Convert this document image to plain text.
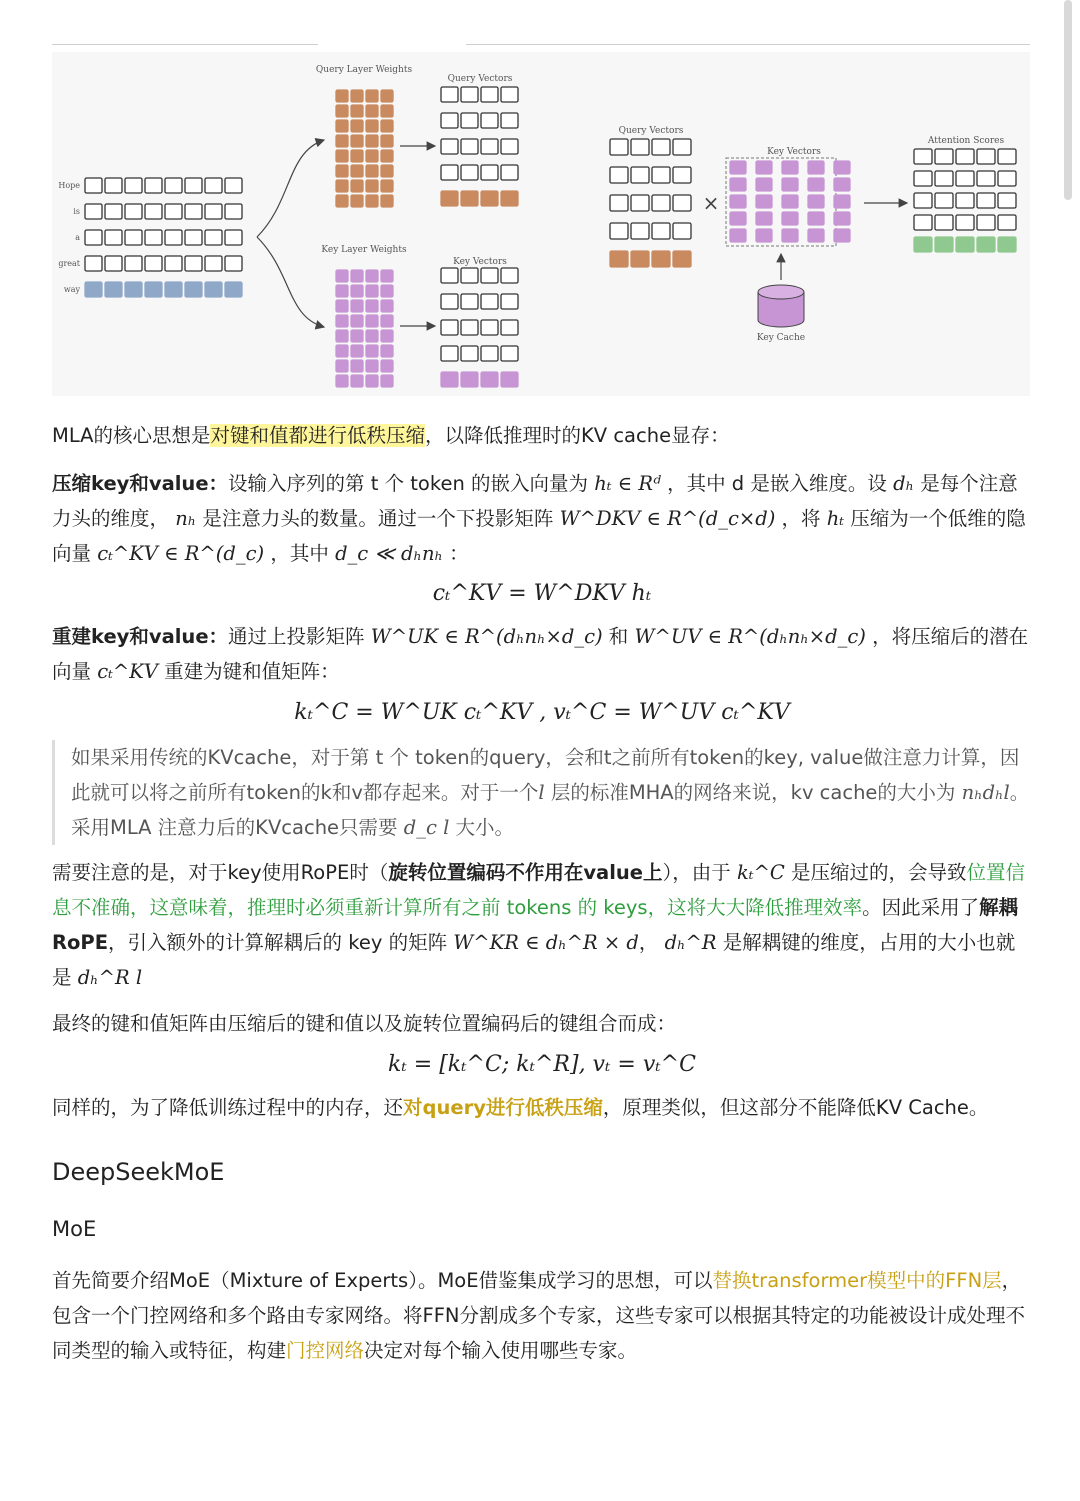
Query Layer Weights
Query Vectors
Key Layer Weights
Key Vectors
Hope
is
a
great
way
Query Vectors
Key Vectors
Attention Scores
Key Cache
×

MLA的核心思想是对键和值都进行低秩压缩，以降低推理时的KV cache显存：

压缩key和value：设输入序列的第 t 个 token 的嵌入向量为 hₜ ∈ Rᵈ ，其中 d 是嵌入维度。设 dₕ 是每个注意力头的维度， nₕ 是注意力头的数量。通过一个下投影矩阵 W^DKV ∈ R^(d_c×d) ，将 hₜ 压缩为一个低维的隐向量 cₜ^KV ∈ R^(d_c) ，其中 d_c ≪ dₕnₕ ：

cₜ^KV = W^DKV hₜ

重建key和value：通过上投影矩阵 W^UK ∈ R^(dₕnₕ×d_c) 和 W^UV ∈ R^(dₕnₕ×d_c) ，将压缩后的潜在向量 cₜ^KV 重建为键和值矩阵：

kₜ^C = W^UK cₜ^KV , vₜ^C = W^UV cₜ^KV
如果采用传统的KVcache，对于第 t 个 token的query，会和t之前所有token的key, value做注意力计算，因此就可以将之前所有token的k和v都存起来。对于一个l 层的标准MHA的网络来说，kv cache的大小为 nₕdₕl。采用MLA 注意力后的KVcache只需要 d_c l 大小。

需要注意的是，对于key使用RoPE时（旋转位置编码不作用在value上），由于 kₜ^C 是压缩过的，会导致位置信息不准确，这意味着，推理时必须重新计算所有之前 tokens 的 keys，这将大大降低推理效率。因此采用了解耦RoPE，引入额外的计算解耦后的 key 的矩阵 W^KR ∈ dₕ^R × d， dₕ^R 是解耦键的维度，占用的大小也就是 dₕ^R l

最终的键和值矩阵由压缩后的键和值以及旋转位置编码后的键组合而成：

kₜ = [kₜ^C; kₜ^R], vₜ = vₜ^C

同样的，为了降低训练过程中的内存，还对query进行低秩压缩，原理类似，但这部分不能降低KV Cache。

DeepSeekMoE
MoE

首先简要介绍MoE（Mixture of Experts）。MoE借鉴集成学习的思想，可以替换transformer模型中的FFN层，包含一个门控网络和多个路由专家网络。将FFN分割成多个专家，这些专家可以根据其特定的功能被设计成处理不同类型的输入或特征，构建门控网络决定对每个输入使用哪些专家。
